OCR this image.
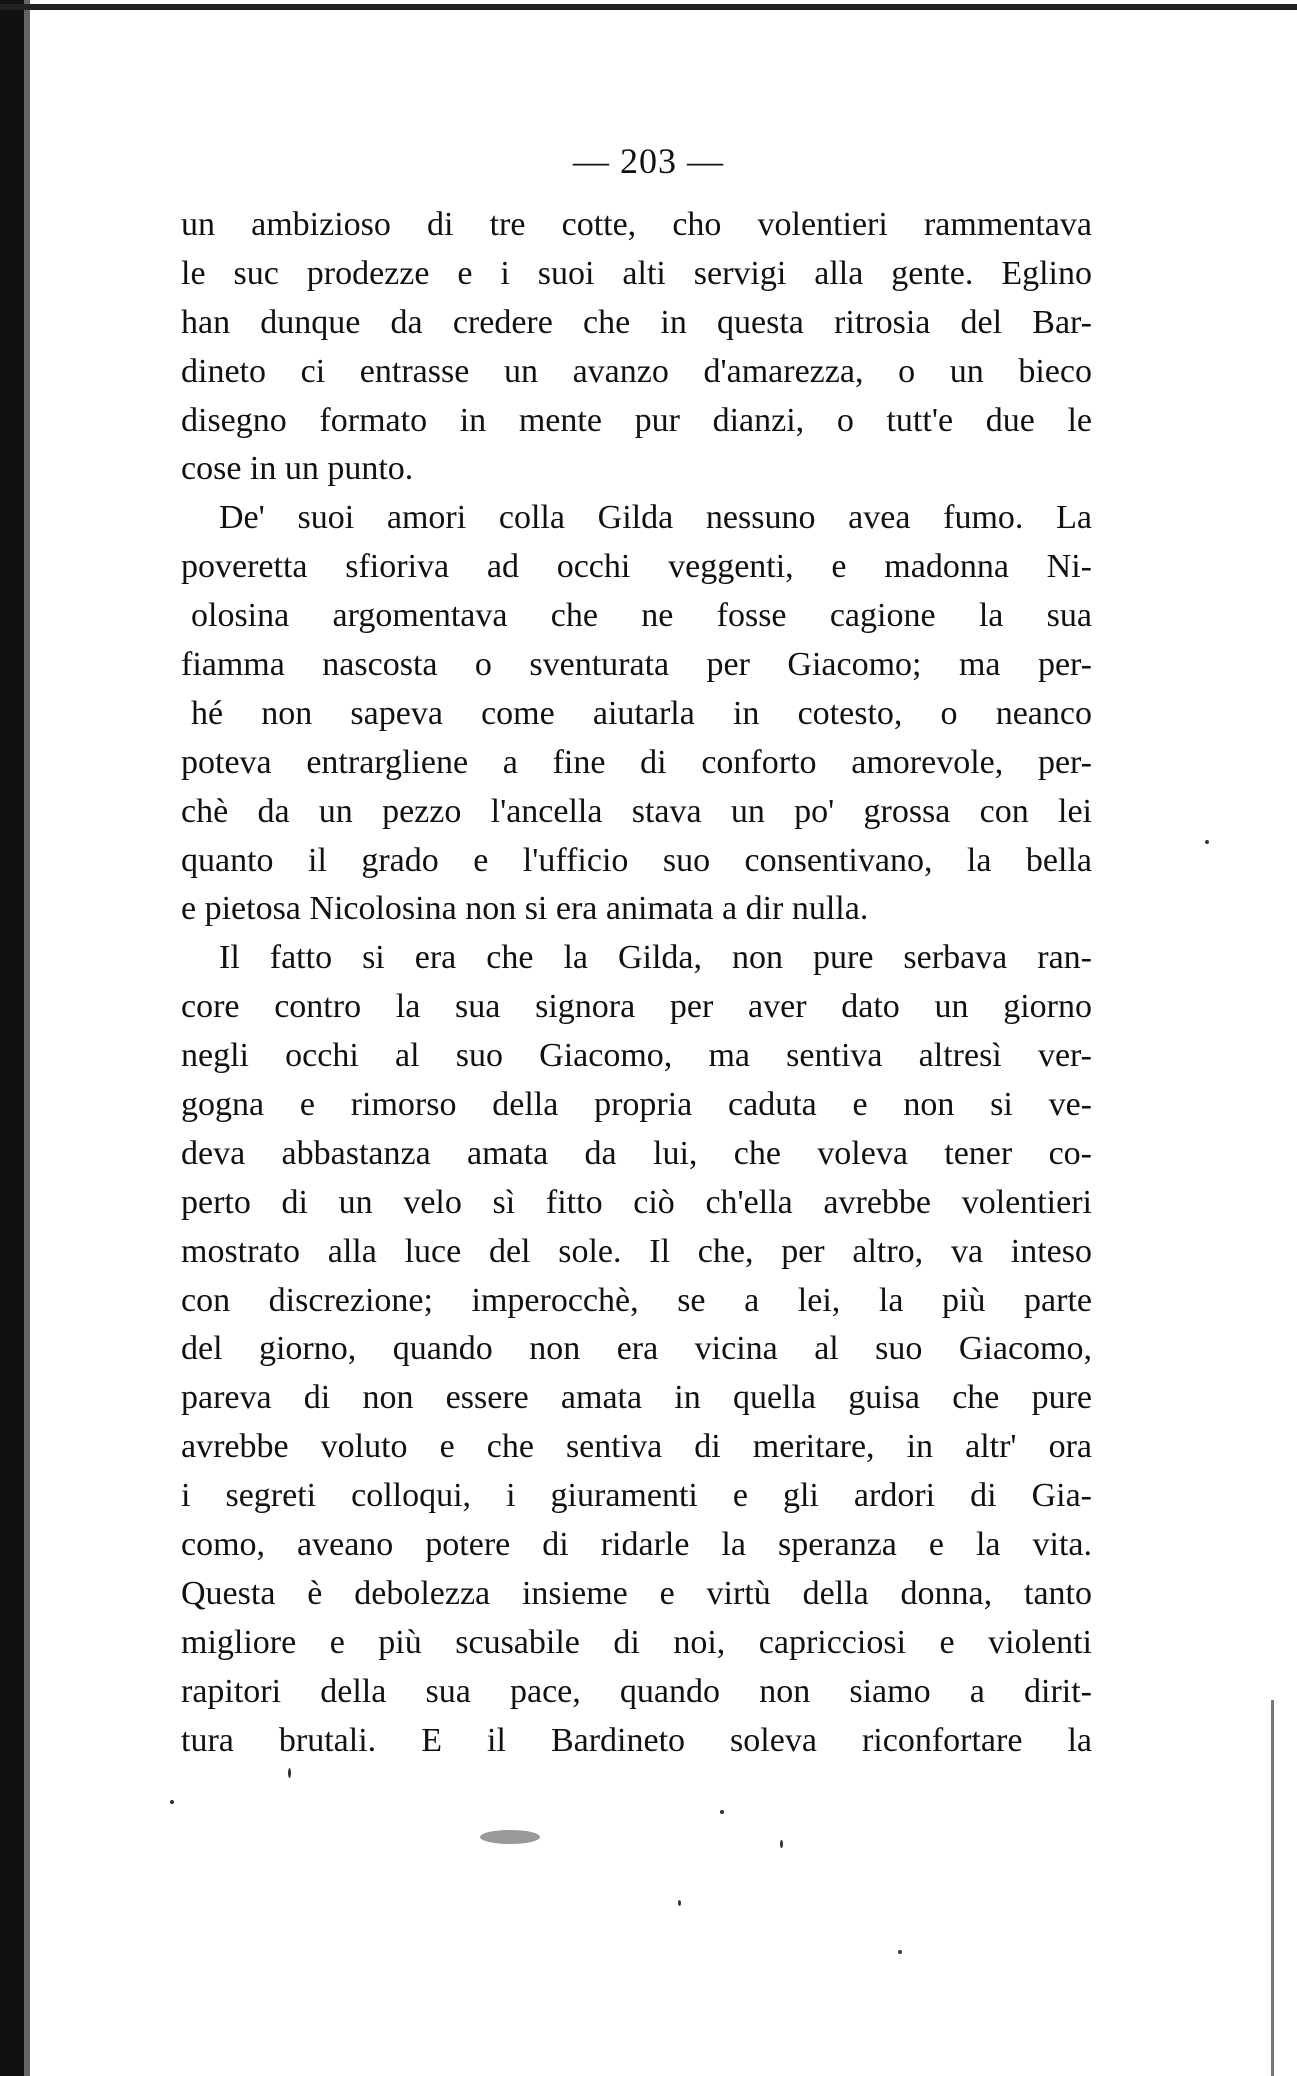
— 203 —
un ambizioso di tre cotte, cho volentieri rammentava
le suc prodezze e i suoi alti servigi alla gente. Eglino
han dunque da credere che in questa ritrosia del Bar-
dineto ci entrasse un avanzo d'amarezza, o un bieco
disegno formato in mente pur dianzi, o tutt'e due le
cose in un punto.
De' suoi amori colla Gilda nessuno avea fumo. La
poveretta sfioriva ad occhi veggenti, e madonna Ni-
olosina argomentava che ne fosse cagione la sua
fiamma nascosta o sventurata per Giacomo; ma per-
hé non sapeva come aiutarla in cotesto, o neanco
poteva entrargliene a fine di conforto amorevole, per-
chè da un pezzo l'ancella stava un po' grossa con lei
quanto il grado e l'ufficio suo consentivano, la bella
e pietosa Nicolosina non si era animata a dir nulla.
Il fatto si era che la Gilda, non pure serbava ran-
core contro la sua signora per aver dato un giorno
negli occhi al suo Giacomo, ma sentiva altresì ver-
gogna e rimorso della propria caduta e non si ve-
deva abbastanza amata da lui, che voleva tener co-
perto di un velo sì fitto ciò ch'ella avrebbe volentieri
mostrato alla luce del sole. Il che, per altro, va inteso
con discrezione; imperocchè, se a lei, la più parte
del giorno, quando non era vicina al suo Giacomo,
pareva di non essere amata in quella guisa che pure
avrebbe voluto e che sentiva di meritare, in altr' ora
i segreti colloqui, i giuramenti e gli ardori di Gia-
como, aveano potere di ridarle la speranza e la vita.
Questa è debolezza insieme e virtù della donna, tanto
migliore e più scusabile di noi, capricciosi e violenti
rapitori della sua pace, quando non siamo a dirit-
tura brutali. E il Bardineto soleva riconfortare la
